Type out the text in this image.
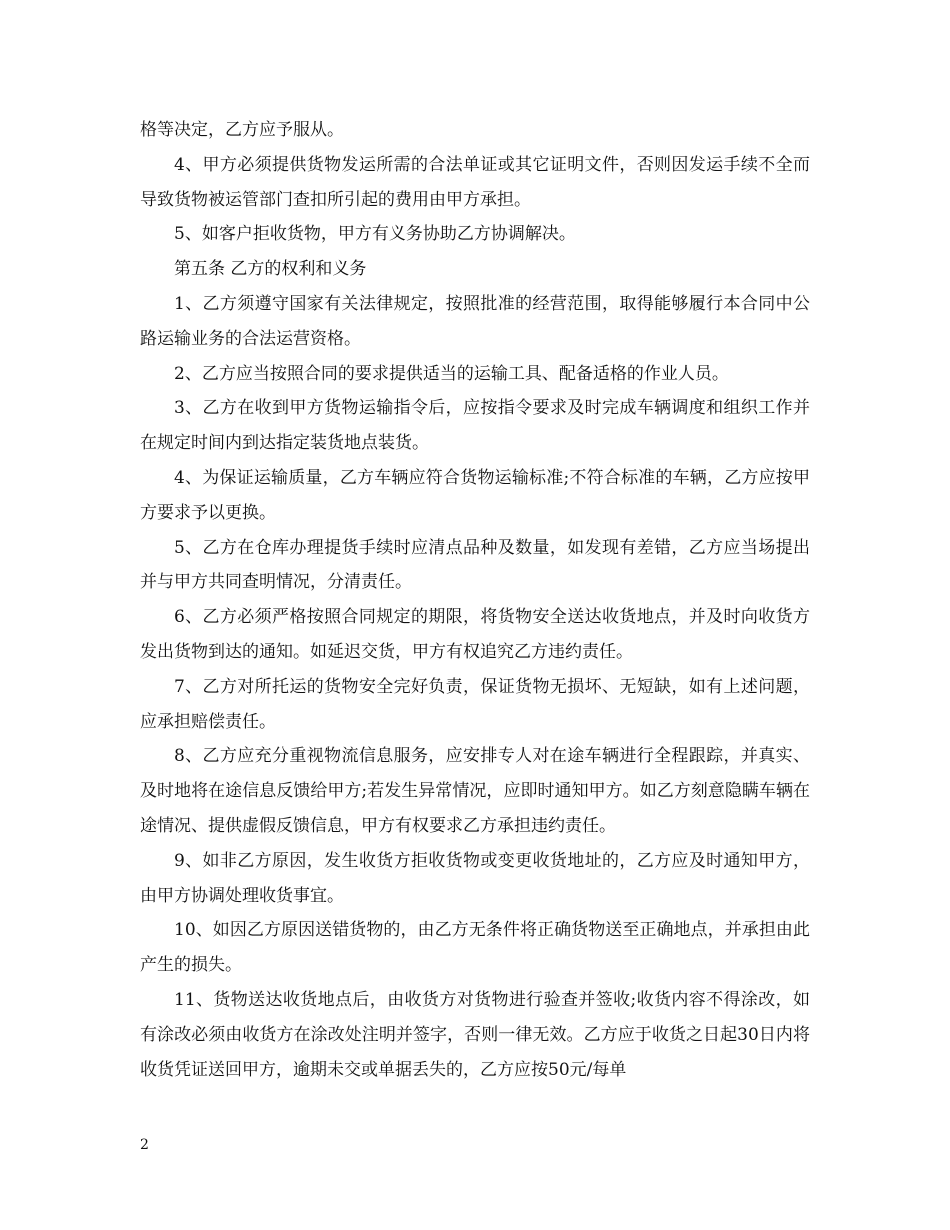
格等决定，乙方应予服从。

4、甲方必须提供货物发运所需的合法单证或其它证明文件，否则因发运手续不全而导致货物被运管部门查扣所引起的费用由甲方承担。

5、如客户拒收货物，甲方有义务协助乙方协调解决。

第五条 乙方的权利和义务

1、乙方须遵守国家有关法律规定，按照批准的经营范围，取得能够履行本合同中公路运输业务的合法运营资格。

2、乙方应当按照合同的要求提供适当的运输工具、配备适格的作业人员。

3、乙方在收到甲方货物运输指令后，应按指令要求及时完成车辆调度和组织工作并在规定时间内到达指定装货地点装货。

4、为保证运输质量，乙方车辆应符合货物运输标准;不符合标准的车辆，乙方应按甲方要求予以更换。

5、乙方在仓库办理提货手续时应清点品种及数量，如发现有差错，乙方应当场提出并与甲方共同查明情况，分清责任。

6、乙方必须严格按照合同规定的期限，将货物安全送达收货地点，并及时向收货方发出货物到达的通知。如延迟交货，甲方有权追究乙方违约责任。

7、乙方对所托运的货物安全完好负责，保证货物无损坏、无短缺，如有上述问题，应承担赔偿责任。

8、乙方应充分重视物流信息服务，应安排专人对在途车辆进行全程跟踪，并真实、及时地将在途信息反馈给甲方;若发生异常情况，应即时通知甲方。如乙方刻意隐瞒车辆在途情况、提供虚假反馈信息，甲方有权要求乙方承担违约责任。

9、如非乙方原因，发生收货方拒收货物或变更收货地址的，乙方应及时通知甲方，由甲方协调处理收货事宜。

10、如因乙方原因送错货物的，由乙方无条件将正确货物送至正确地点，并承担由此产生的损失。

11、货物送达收货地点后，由收货方对货物进行验查并签收;收货内容不得涂改，如有涂改必须由收货方在涂改处注明并签字，否则一律无效。乙方应于收货之日起30日内将收货凭证送回甲方，逾期未交或单据丢失的，乙方应按50元/每单

2
